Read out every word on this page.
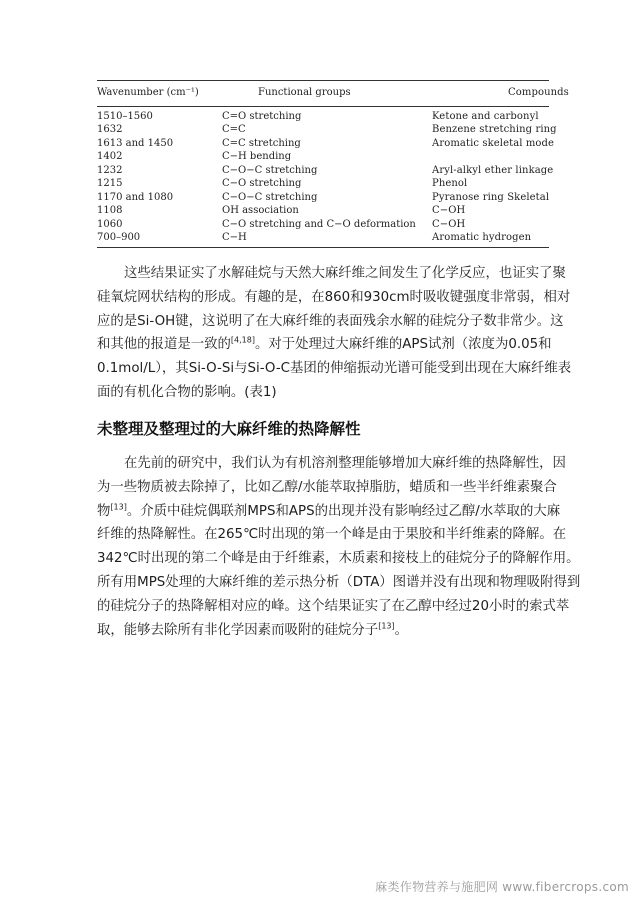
Wavenumber (cm⁻¹)	Functional groups	Compounds
1510–1560	C=O stretching	Ketone and carbonyl
1632	C=C	Benzene stretching ring
1613 and 1450	C=C stretching	Aromatic skeletal mode
1402	C−H bending
1232	C−O−C stretching	Aryl-alkyl ether linkage
1215	C−O stretching	Phenol
1170 and 1080	C−O−C stretching	Pyranose ring Skeletal
1108	OH association	C−OH
1060	C−O stretching and C−O deformation	C−OH
700–900	C−H	Aromatic hydrogen
这些结果证实了水解硅烷与天然大麻纤维之间发生了化学反应，也证实了聚
硅氧烷网状结构的形成。有趣的是，在860和930cm时吸收键强度非常弱，相对
应的是Si-OH键，这说明了在大麻纤维的表面残余水解的硅烷分子数非常少。这
和其他的报道是一致的[4,18]。对于处理过大麻纤维的APS试剂（浓度为0.05和
0.1mol/L），其Si-O-Si与Si-O-C基团的伸缩振动光谱可能受到出现在大麻纤维表
面的有机化合物的影响。(表1)
未整理及整理过的大麻纤维的热降解性
在先前的研究中，我们认为有机溶剂整理能够增加大麻纤维的热降解性，因
为一些物质被去除掉了，比如乙醇/水能萃取掉脂肪，蜡质和一些半纤维素聚合
物[13]。介质中硅烷偶联剂MPS和APS的出现并没有影响经过乙醇/水萃取的大麻
纤维的热降解性。在265℃时出现的第一个峰是由于果胶和半纤维素的降解。在
342℃时出现的第二个峰是由于纤维素，木质素和接枝上的硅烷分子的降解作用。
所有用MPS处理的大麻纤维的差示热分析（DTA）图谱并没有出现和物理吸附得到
的硅烷分子的热降解相对应的峰。这个结果证实了在乙醇中经过20小时的索式萃
取，能够去除所有非化学因素而吸附的硅烷分子[13]。
麻类作物营养与施肥网 www.fibercrops.com
